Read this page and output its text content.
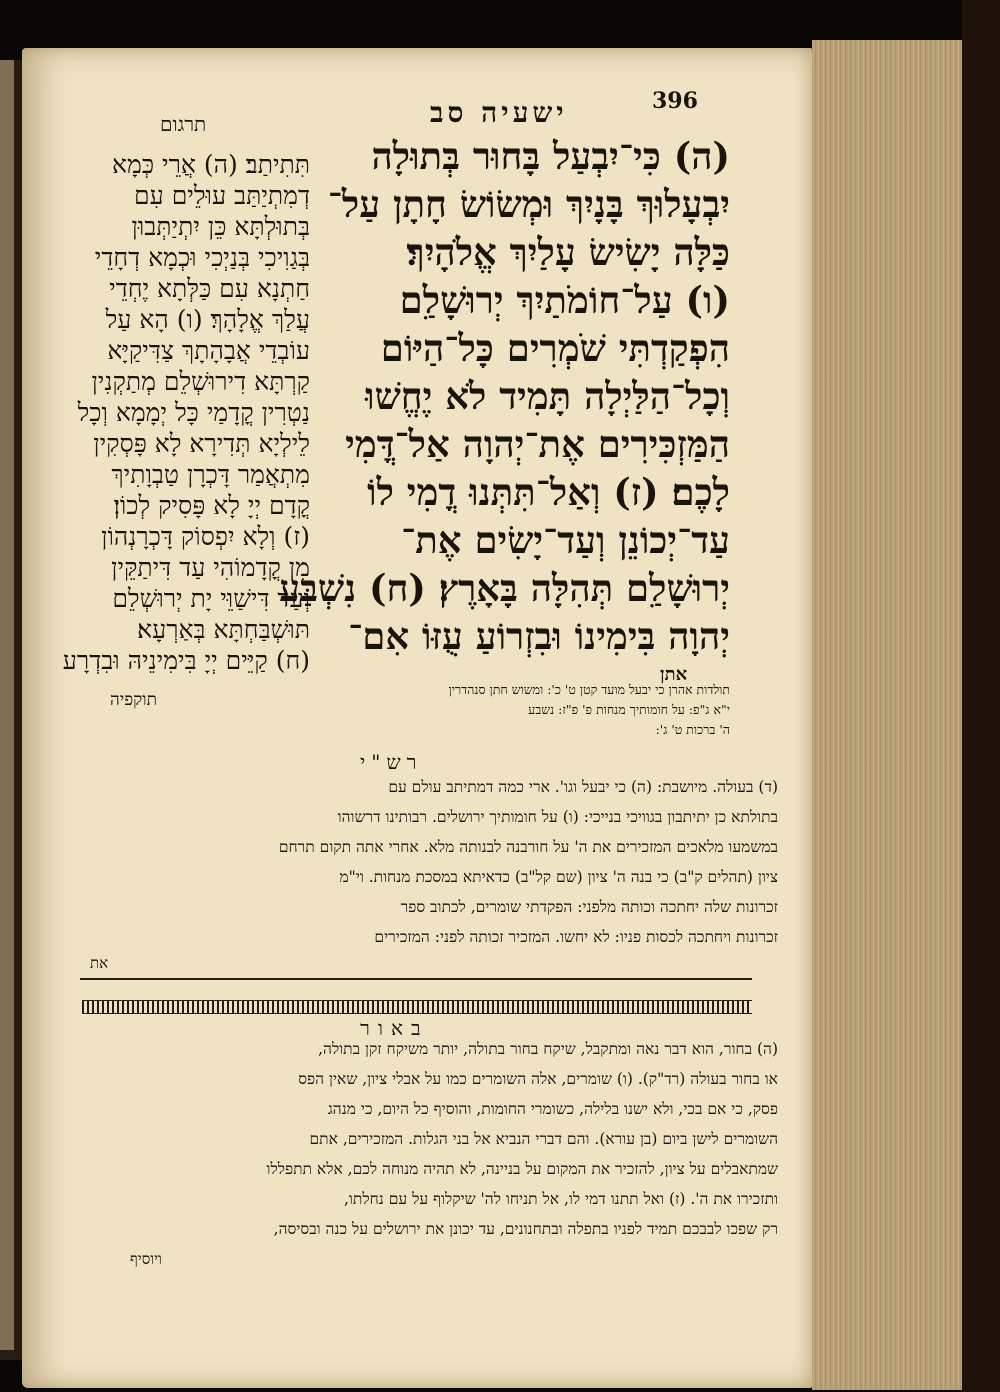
396
ישעיה סב
תרגום
(ה) כִּי־יִבְעַל בָּחוּר בְּתוּלָה
יִבְעָלוּךְ בָּנָיִךְ וּמְשׂוֹשׂ חָתָן עַל־
כַּלָּה יָשִׂישׂ עָלַיִךְ אֱלֹהָיִךְ׃
(ו) עַל־חוֹמֹתַיִךְ יְרוּשָׁלִַם
הִפְקַדְתִּי שֹׁמְרִים כָּל־הַיּוֹם
וְכָל־הַלַּיְלָה תָּמִיד לֹא יֶחֱשׁוּ
הַמַּזְכִּירִים אֶת־יְהוָה אַל־דֳּמִי
לָכֶם׃ (ז) וְאַל־תִּתְּנוּ דֳמִי לוֹ
עַד־יְכוֹנֵן וְעַד־יָשִׂים אֶת־
יְרוּשָׁלִַם תְּהִלָּה בָּאָרֶץ׃ (ח) נִשְׁבַּע
יְהוָה בִּימִינוֹ וּבִזְרוֹעַ עֻזּוֹ אִם־
אתן
תִּתִיתַב׃ (ה) אֲרֵי כְּמָא
דְמִתְיַתַּב עוּלֵים עִם
בְּתוּלְתָּא כֵּן יִתְיַתְּבוּן
בְּגַוִיכִי בְּנַיְכִי וּכְמָא דְחָדֵי
חַתְנָא עִם כַּלְּתָא יֶחְדֵי
עֲלַךְ אֱלָהָךְ׃ (ו) הָא עַל
עוֹבְדֵי אֲבָהָתָךְ צַדִּיקַיָּא
קַרְתָּא דִירוּשְׁלֵם מְתַקְנִין
נַטְרִין קֳדָמַי כָּל יְמָמָא וְכָל
לֵילְיָא תְּדִירָא לָא פָּסְקִין
מִתְאֲמַר דָּכְרָן טַבְוָתִיךְ
קֳדָם יְיָ לָא פָּסִיק לְכוֹן׃
(ז) וְלָא יִפְסוֹק דָּכְרָנְהוֹן
מִן קֳדָמוֹהִי עַד דִּיתַקֵּין
וְעַד דִּישַׁוֵּי יָת יְרוּשְׁלֵם
תּוּשְׁבַּחְתָּא בְּאַרְעָא׃
(ח) קַיֵּים יְיָ בִּימִינֵיהּ וּבִדְרָע
תוקפיה
תולדות אהרן כי יבעל מועד קטן ט' כ': ומשוש חתן סנהדרין
י"א ג"פ: על חומותיך מנחות פ' פ"ז: נשבע
ה' ברכות ט' ג':
רש"י
(ד) בעולה. מיושבת: (ה) כי יבעל וגו'. ארי כמה דמתיתב עולם עם
בתולתא כן יתיתבון בגוויכי בנייכי: (ו) על חומותיך ירושלים. רבותינו דרשוהו
במשמעו מלאכים המזכירים את ה' על חורבנה לבנותה מלא. אחרי אתה תקום תרחם
ציון (תהלים ק"ב) כי בנה ה' ציון (שם קל"ב) כדאיתא במסכת מנחות. וי"מ
זכרונות שלה יחתכה וכותה מלפני: הפקדתי שומרים, לכתוב ספר
זכרונות ויחתכה לכסות פניו: לא יחשו. המזכיר זכותה לפני: המזכירים
את
באור
(ה) בחור, הוא דבר נאה ומתקבל, שיקח בחור בתולה, יותר משיקח זקן בתולה,
או בחור בעולה (רד"ק). (ו) שומרים, אלה השומרים כמו על אבלי ציון, שאין הפס
פסק, כי אם בכי, ולא ישנו בלילה, כשומרי החומות, והוסיף כל היום, כי מנהג
השומרים לישן ביום (בן עורא). והם דברי הנביא אל בני הגלות. המזכירים, אתם
שמתאבלים על ציון, להזכיר את המקום על בניינה, לא תהיה מנוחה לכם, אלא תתפללו
ותזכירו את ה'. (ז) ואל תתנו דמי לו, אל תניחו לה' שיקלוף על עם נחלתו,
רק שפכו לבבכם תמיד לפניו בתפלה ובתחנונים, עד יכונן את ירושלים על כנה ובסיסה,
ויוסיף
